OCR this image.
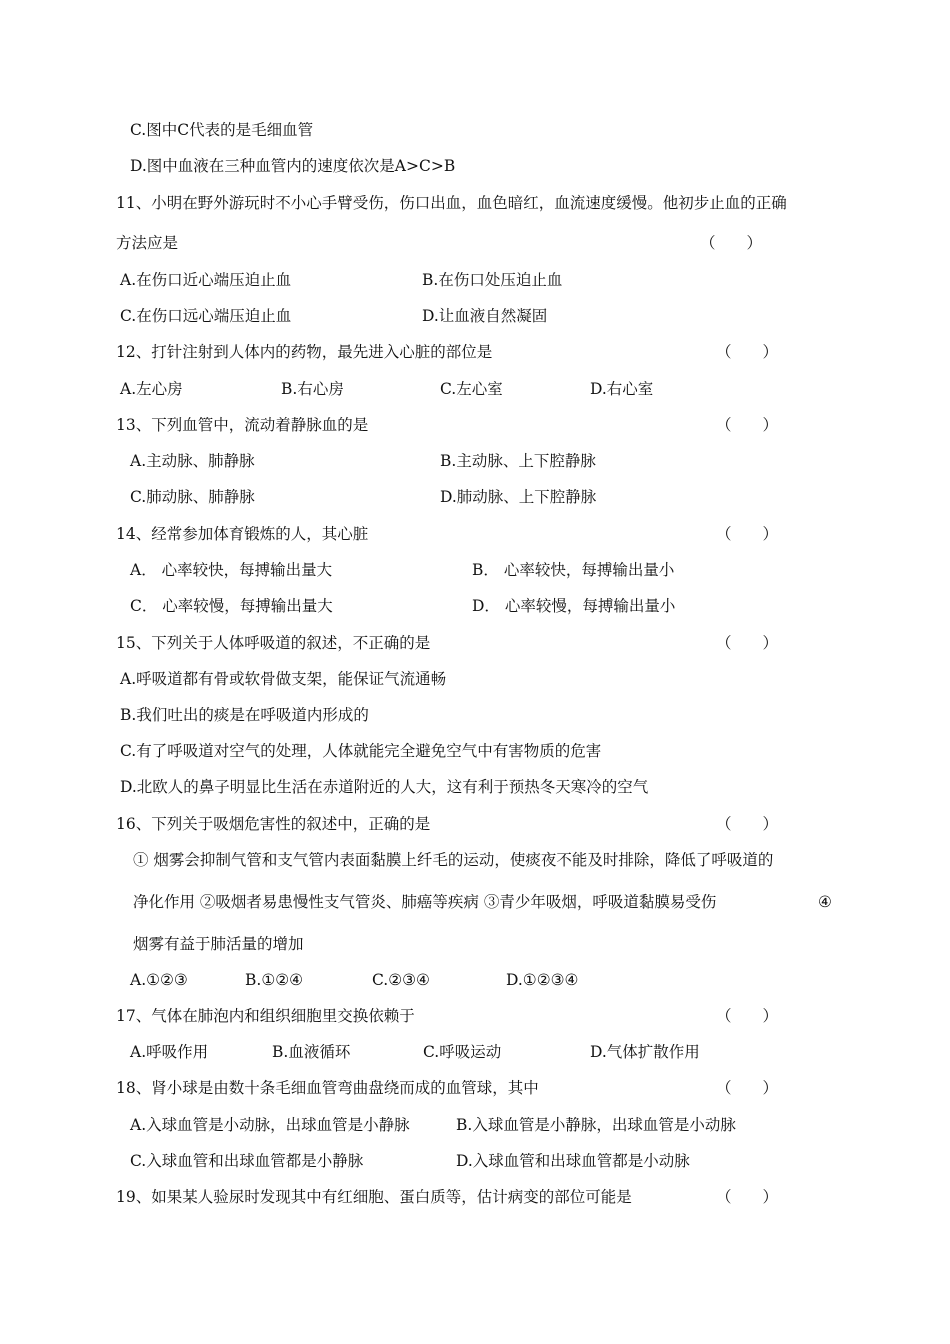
C.图中C代表的是毛细血管
D.图中血液在三种血管内的速度依次是A>C>B
11、小明在野外游玩时不小心手臂受伤，伤口出血，血色暗红，血流速度缓慢。他初步止血的正确
方法应是	（　　）
A.在伤口近心端压迫止血	B.在伤口处压迫止血
C.在伤口远心端压迫止血	D.让血液自然凝固
12、打针注射到人体内的药物，最先进入心脏的部位是	（　　）
A.左心房	B.右心房	C.左心室	D.右心室
13、下列血管中，流动着静脉血的是	（　　）
A.主动脉、肺静脉	B.主动脉、上下腔静脉
C.肺动脉、肺静脉	D.肺动脉、上下腔静脉
14、经常参加体育锻炼的人，其心脏	（　　）
A． 心率较快，每搏输出量大	B． 心率较快，每搏输出量小
C． 心率较慢，每搏输出量大	D． 心率较慢，每搏输出量小
15、下列关于人体呼吸道的叙述，不正确的是	（　　）
A.呼吸道都有骨或软骨做支架，能保证气流通畅
B.我们吐出的痰是在呼吸道内形成的
C.有了呼吸道对空气的处理，人体就能完全避免空气中有害物质的危害
D.北欧人的鼻子明显比生活在赤道附近的人大，这有利于预热冬天寒冷的空气
16、下列关于吸烟危害性的叙述中，正确的是	（　　）
① 烟雾会抑制气管和支气管内表面黏膜上纤毛的运动，使痰夜不能及时排除，降低了呼吸道的
净化作用 ②吸烟者易患慢性支气管炎、肺癌等疾病 ③青少年吸烟，呼吸道黏膜易受伤	④
烟雾有益于肺活量的增加
A.①②③	B.①②④	C.②③④	D.①②③④
17、气体在肺泡内和组织细胞里交换依赖于	（　　）
A.呼吸作用	B.血液循环	C.呼吸运动	D.气体扩散作用
18、肾小球是由数十条毛细血管弯曲盘绕而成的血管球，其中	（　　）
A.入球血管是小动脉，出球血管是小静脉	B.入球血管是小静脉，出球血管是小动脉
C.入球血管和出球血管都是小静脉	D.入球血管和出球血管都是小动脉
19、如果某人验尿时发现其中有红细胞、蛋白质等，估计病变的部位可能是	（　　）
